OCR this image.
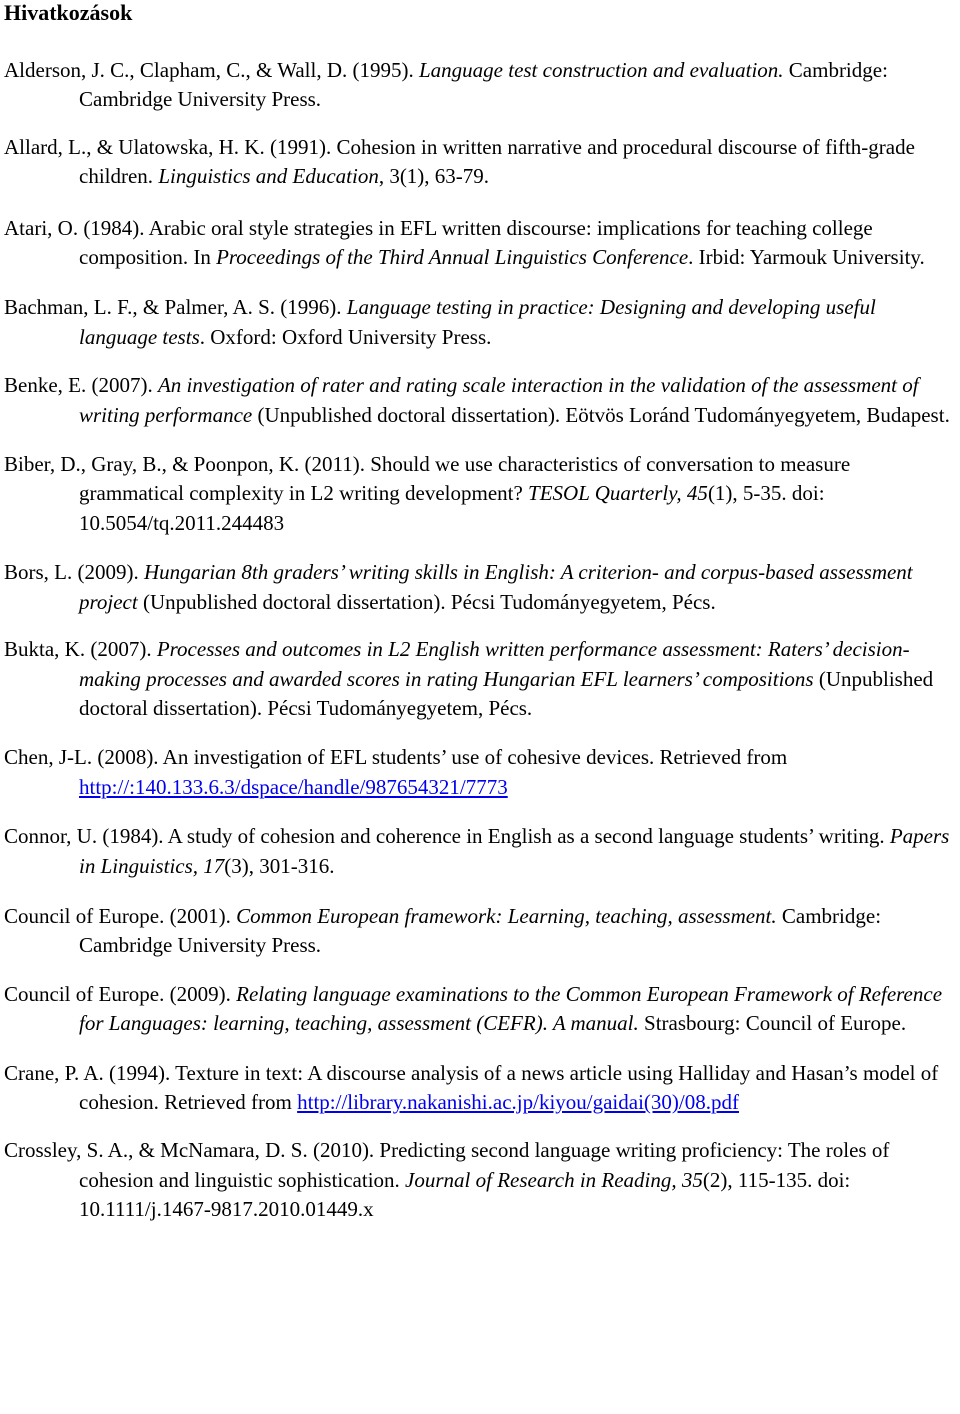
Hivatkozások

Alderson, J. C., Clapham, C., & Wall, D. (1995). Language test construction and evaluation. Cambridge: Cambridge University Press.

Allard, L., & Ulatowska, H. K. (1991). Cohesion in written narrative and procedural discourse of fifth-grade children. Linguistics and Education, 3(1), 63-79.

Atari, O. (1984). Arabic oral style strategies in EFL written discourse: implications for teaching college composition. In Proceedings of the Third Annual Linguistics Conference. Irbid: Yarmouk University.

Bachman, L. F., & Palmer, A. S. (1996). Language testing in practice: Designing and developing useful language tests. Oxford: Oxford University Press.

Benke, E. (2007). An investigation of rater and rating scale interaction in the validation of the assessment of writing performance (Unpublished doctoral dissertation). Eötvös Loránd Tudományegyetem, Budapest.

Biber, D., Gray, B., & Poonpon, K. (2011). Should we use characteristics of conversation to measure grammatical complexity in L2 writing development? TESOL Quarterly, 45(1), 5-35. doi: 10.5054/tq.2011.244483

Bors, L. (2009). Hungarian 8th graders’ writing skills in English: A criterion- and corpus-based assessment project (Unpublished doctoral dissertation). Pécsi Tudományegyetem, Pécs.

Bukta, K. (2007). Processes and outcomes in L2 English written performance assessment: Raters’ decision-making processes and awarded scores in rating Hungarian EFL learners’ compositions (Unpublished doctoral dissertation). Pécsi Tudományegyetem, Pécs.

Chen, J-L. (2008). An investigation of EFL students’ use of cohesive devices. Retrieved from http://:140.133.6.3/dspace/handle/987654321/7773

Connor, U. (1984). A study of cohesion and coherence in English as a second language students’ writing. Papers in Linguistics, 17(3), 301-316.

Council of Europe. (2001). Common European framework: Learning, teaching, assessment. Cambridge: Cambridge University Press.

Council of Europe. (2009). Relating language examinations to the Common European Framework of Reference for Languages: learning, teaching, assessment (CEFR). A manual. Strasbourg: Council of Europe.

Crane, P. A. (1994). Texture in text: A discourse analysis of a news article using Halliday and Hasan’s model of cohesion. Retrieved from http://library.nakanishi.ac.jp/kiyou/gaidai(30)/08.pdf

Crossley, S. A., & McNamara, D. S. (2010). Predicting second language writing proficiency: The roles of cohesion and linguistic sophistication. Journal of Research in Reading, 35(2), 115-135. doi: 10.1111/j.1467-9817.2010.01449.x
